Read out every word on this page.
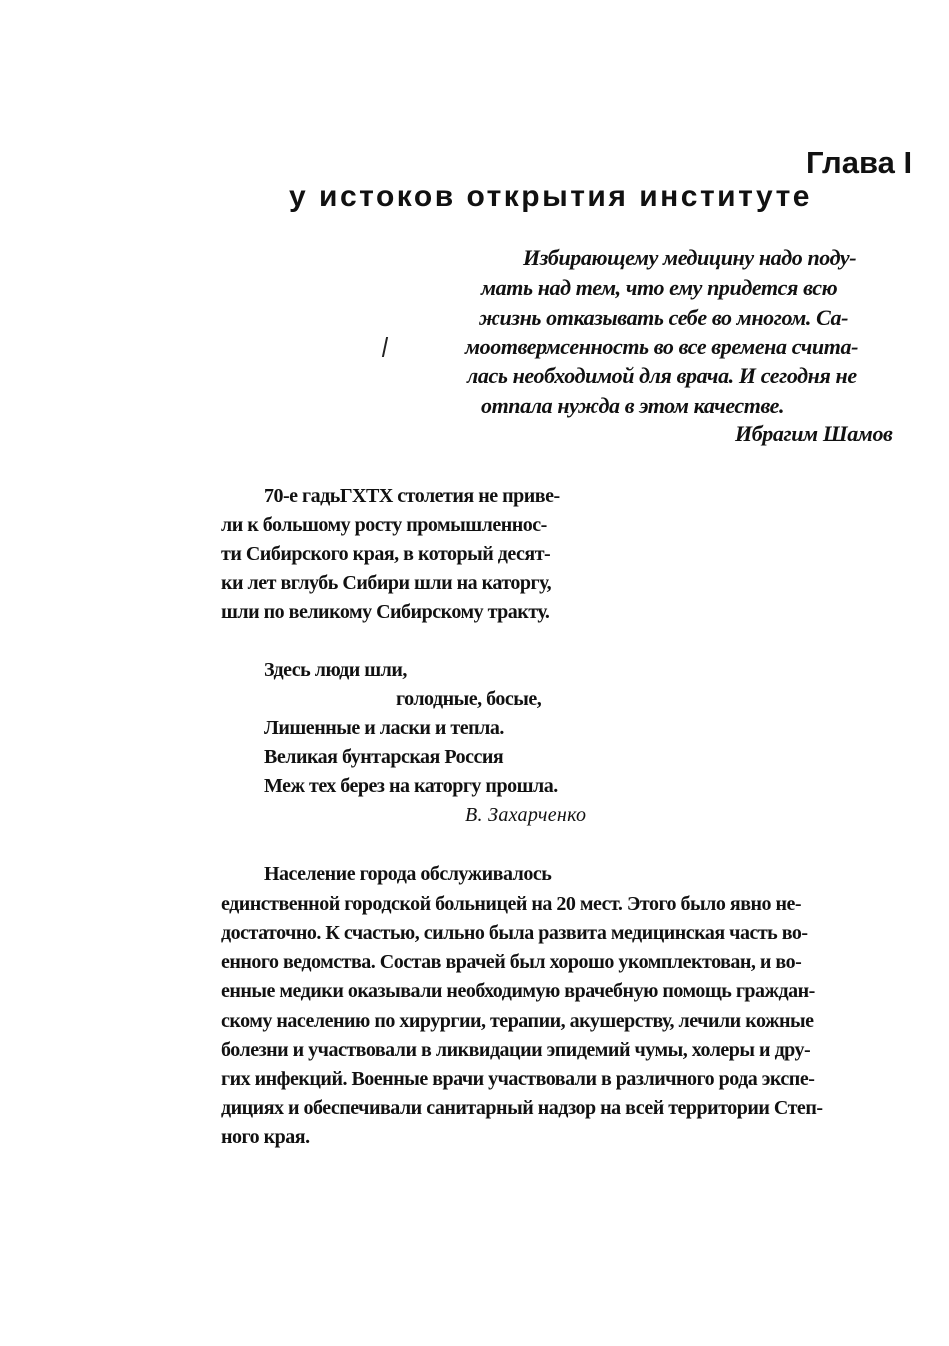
Глава I
у истоков открытия институте
Избирающему медицину надо поду-
мать над тем, что ему придется всю
жизнь отказывать себе во многом. Са-
моотвермсенность во все времена счита-
лась необходимой для врача. И сегодня не
отпала нужда в этом качестве.
Ибрагим Шамов
70-е гадьГХТХ столетия не приве-
ли к большому росту промышленнос-
ти Сибирского края, в который десят-
ки лет вглубь Сибири шли на каторгу,
шли по великому Сибирскому тракту.
Здесь люди шли,
голодные, босые,
Лишенные и ласки и тепла.
Великая бунтарская Россия
Меж тех берез на каторгу прошла.
В. Захарченко
Население города обслуживалось
единственной городской больницей на 20 мест. Этого было явно не-
достаточно. К счастью, сильно была развита медицинская часть во-
енного ведомства. Состав врачей был хорошо укомплектован, и во-
енные медики оказывали необходимую врачебную помощь граждан-
скому населению по хирургии, терапии, акушерству, лечили кожные
болезни и участвовали в ликвидации эпидемий чумы, холеры и дру-
гих инфекций. Военные врачи участвовали в различного рода экспе-
дициях и обеспечивали санитарный надзор на всей территории Степ-
ного края.
